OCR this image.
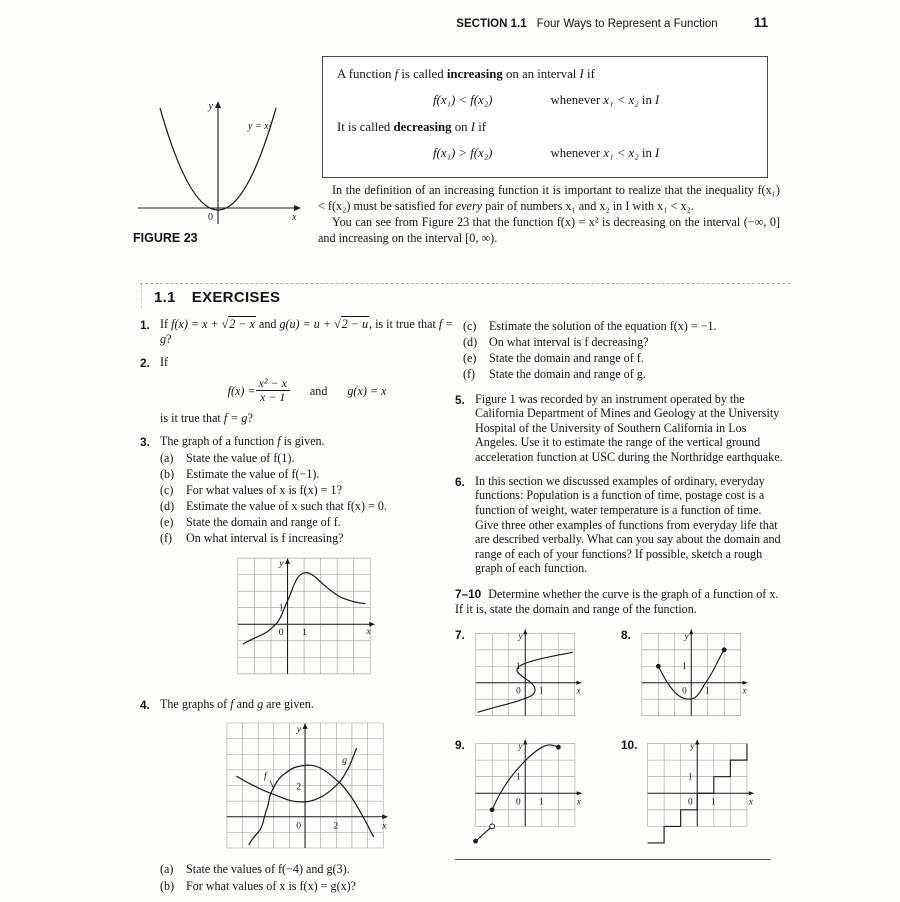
SECTION 1.1 Four Ways to Represent a Function	11
y
x
0
y = x²
FIGURE 23
A function f is called increasing on an interval I if
f(x₁) < f(x₂)	whenever x₁ < x₂ in I
It is called decreasing on I if
f(x₁) > f(x₂)	whenever x₁ < x₂ in I

In the definition of an increasing function it is important to realize that the inequality f(x₁) < f(x₂) must be satisfied for every pair of numbers x₁ and x₂ in I with x₁ < x₂.

You can see from Figure 23 that the function f(x) = x² is decreasing on the interval (−∞, 0] and increasing on the interval [0, ∞).

1.1 EXERCISES
1. If f(x) = x + √2 − x and g(u) = u + √2 − u, is it true that f = g?
2. If
$f(x) = \frac{\text{x² − x}}{x - 1}$ and g(x) = x
is it true that f = g?
3. The graph of a function f is given.
(a)	State the value of f(1).
(b) Estimate the value of f(−1).
(c)	For what values of x is f(x) = 1?
(d) Estimate the value of x such that f(x) = 0.
(e)	State the domain and range of f.
(f)	On what interval is f increasing?
y
x
0 1
1
4. The graphs of f and g are given.
f
g
2
0	2
y
x
(a)	State the values of f(−4) and g(3).
(b) For what values of x is f(x) = g(x)?
(c)	Estimate the solution of the equation f(x) = −1.
(d) On what interval is f decreasing?
(e)	State the domain and range of f.
(f)	State the domain and range of g.
5. Figure 1 was recorded by an instrument operated by the California Department of Mines and Geology at the University Hospital of the University of Southern California in Los Angeles. Use it to estimate the range of the vertical ground acceleration function at USC during the Northridge earthquake.
6. In this section we discussed examples of ordinary, everyday functions: Population is a function of time, postage cost is a function of weight, water temperature is a function of time. Give three other examples of functions from everyday life that are described verbally. What can you say about the domain and range of each of your functions? If possible, sketch a rough graph of each function.
7–10 Determine whether the curve is the graph of a function of x. If it is, state the domain and range of the function.
7.
1
0 1
y
x
8.
1
0 1
y
x
9.
1
0 1
y
x
10.
1
0 1
y
x
